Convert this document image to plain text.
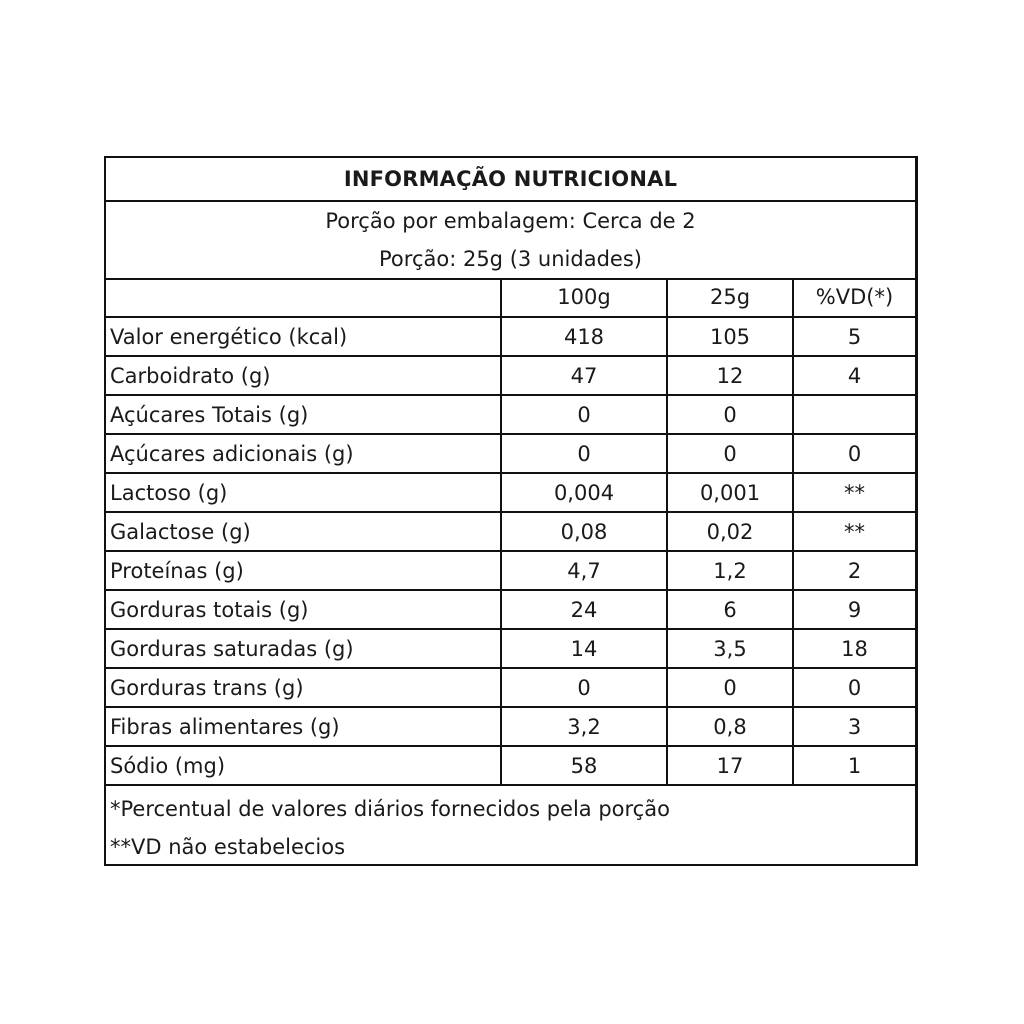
INFORMAÇÃO NUTRICIONAL
Porção por embalagem: Cerca de 2
Porção: 25g (3 unidades)
	100g	25g	%VD(*)
Valor energético (kcal)	418	105	5
Carboidrato (g)	47	12	4
Açúcares Totais (g)	0	0	
Açúcares adicionais (g)	0	0	0
Lactoso (g)	0,004	0,001	**
Galactose (g)	0,08	0,02	**
Proteínas (g)	4,7	1,2	2
Gorduras totais (g)	24	6	9
Gorduras saturadas (g)	14	3,5	18
Gorduras trans (g)	0	0	0
Fibras alimentares (g)	3,2	0,8	3
Sódio (mg)	58	17	1
*Percentual de valores diários fornecidos pela porção
**VD não estabelecios
